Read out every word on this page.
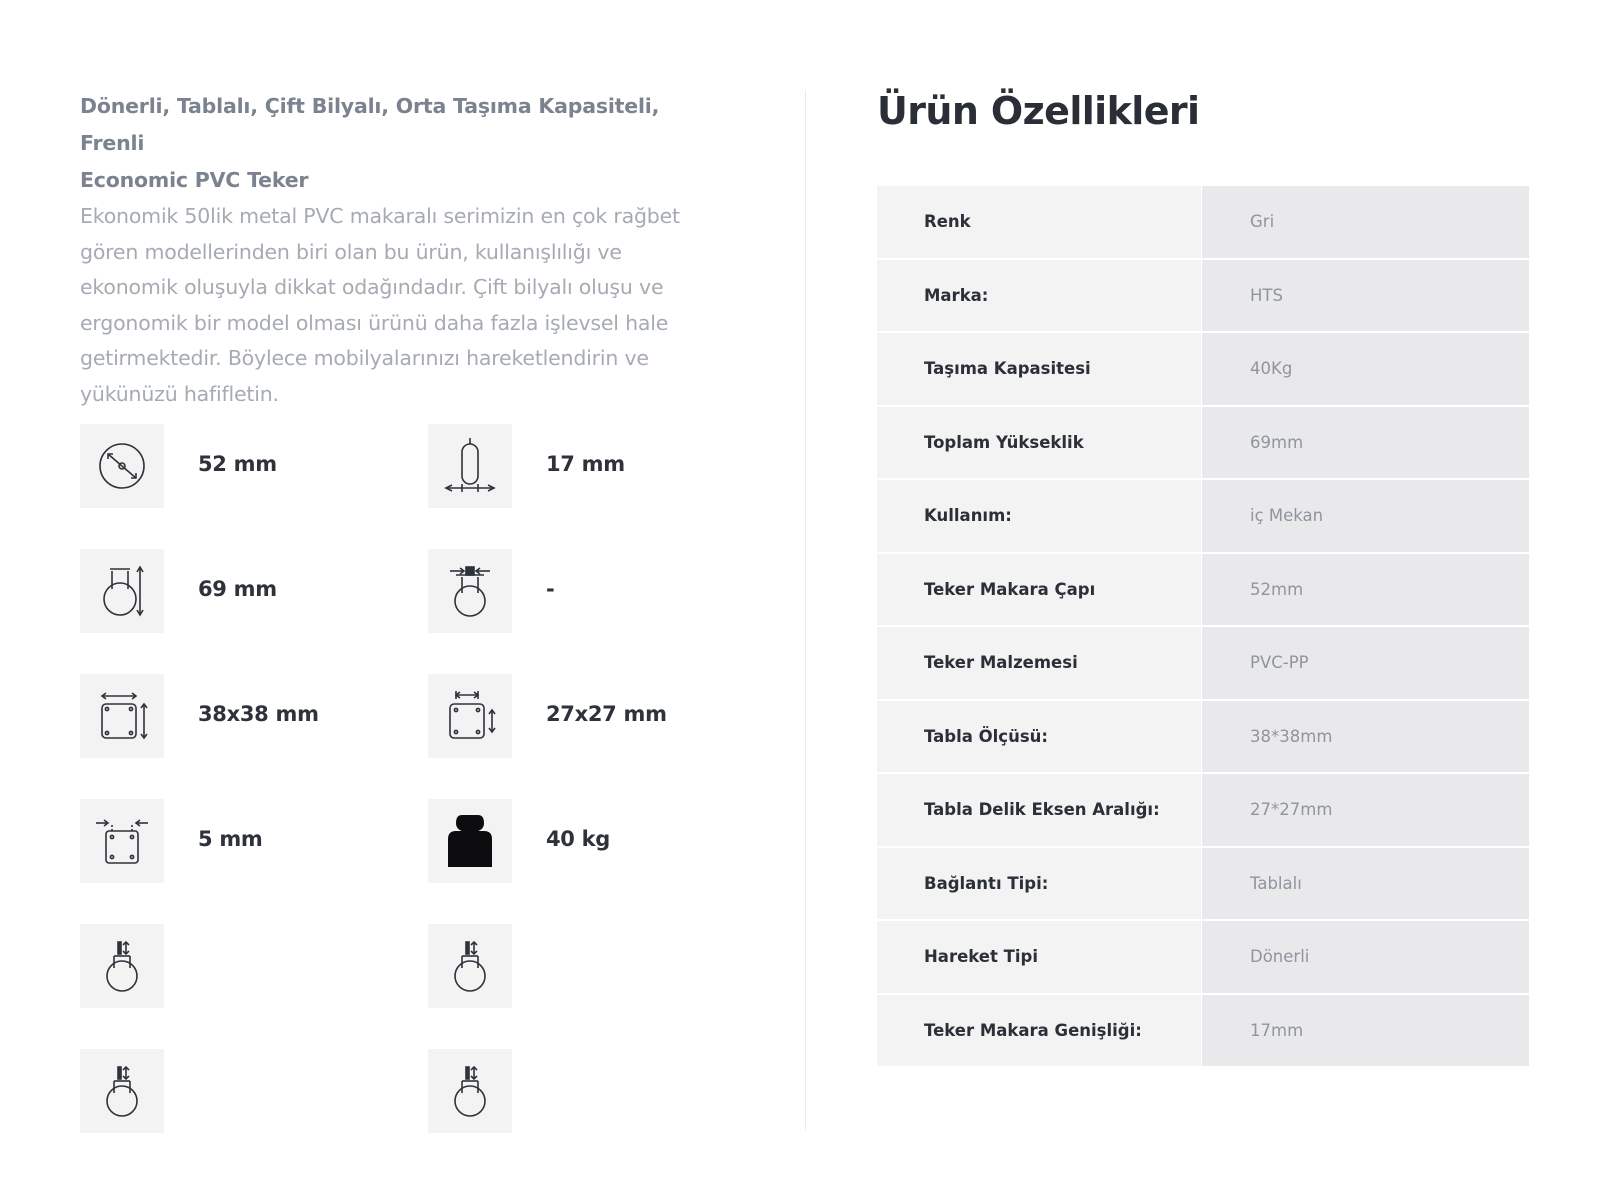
Dönerli, Tablalı, Çift Bilyalı, Orta Taşıma Kapasiteli, Frenli
Economic PVC Teker

Ekonomik 50lik metal PVC makaralı serimizin en çok rağbet gören modellerinden biri olan bu ürün, kullanışlılığı ve ekonomik oluşuyla dikkat odağındadır. Çift bilyalı oluşu ve ergonomik bir model olması ürünü daha fazla işlevsel hale getirmektedir. Böylece mobilyalarınızı hareketlendirin ve yükünüzü hafifletin.

52 mm	17 mm
69 mm	-
38x38 mm	27x27 mm
5 mm	40 kg
Ürün Özellikleri
Renk	Gri
Marka:	HTS
Taşıma Kapasitesi	40Kg
Toplam Yükseklik	69mm
Kullanım:	iç Mekan
Teker Makara Çapı	52mm
Teker Malzemesi	PVC-PP
Tabla Ölçüsü:	38*38mm
Tabla Delik Eksen Aralığı:	27*27mm
Bağlantı Tipi:	Tablalı
Hareket Tipi	Dönerli
Teker Makara Genişliği:	17mm
